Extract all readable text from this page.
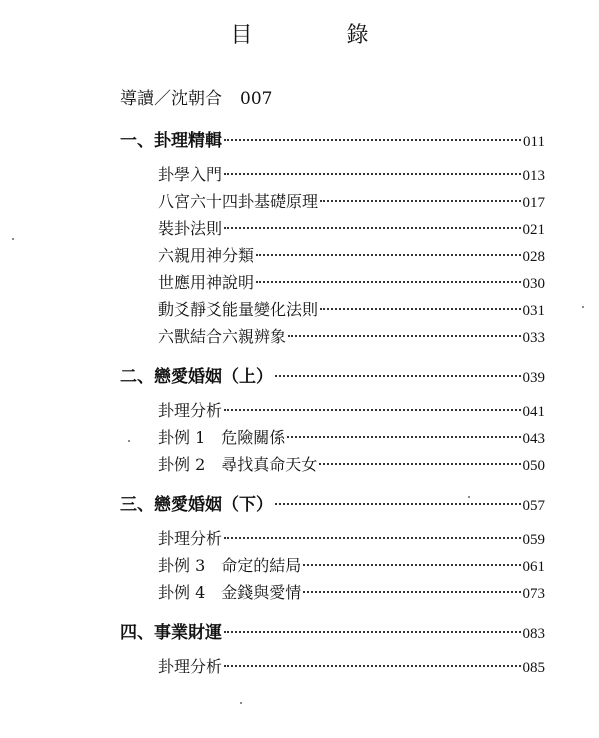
目　錄
導讀／沈朝合 007
一、卦理精輯	011
卦學入門	013
八宮六十四卦基礎原理	017
裝卦法則	021
六親用神分類	028
世應用神說明	030
動爻靜爻能量變化法則	031
六獸結合六親辨象	033
二、戀愛婚姻（上）	039
卦理分析	041
卦例 1 危險關係	043
卦例 2 尋找真命天女	050
三、戀愛婚姻（下）	057
卦理分析	059
卦例 3 命定的結局	061
卦例 4 金錢與愛情	073
四、事業財運	083
卦理分析	085
